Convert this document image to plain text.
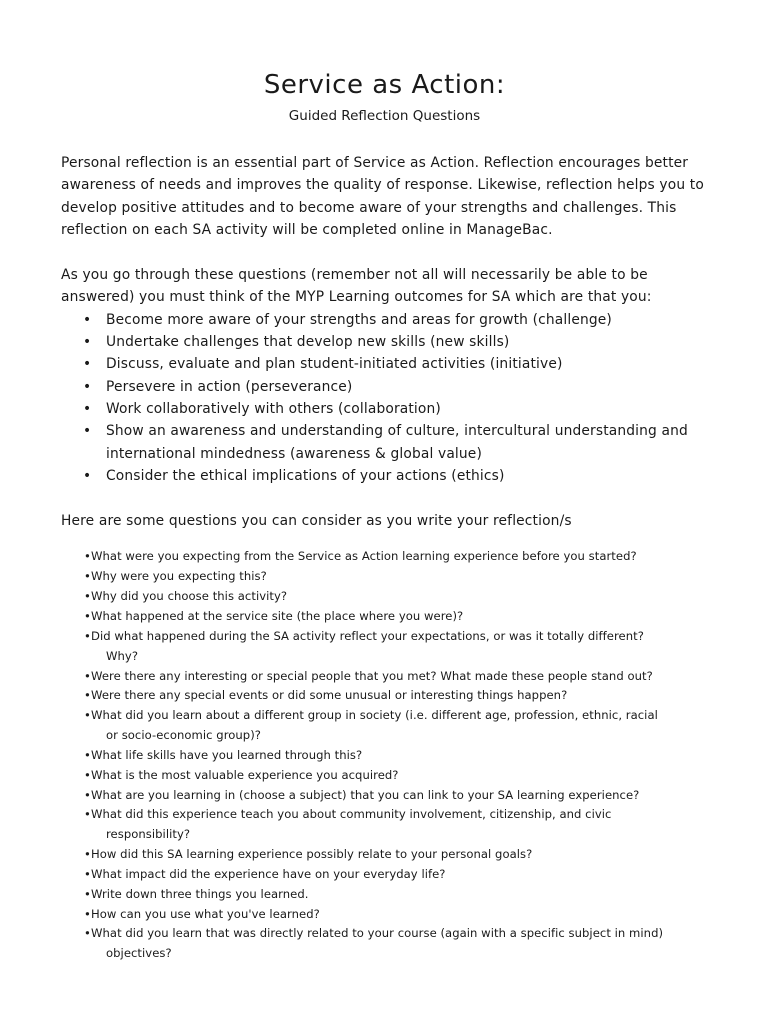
Service as Action:

Guided Reflection Questions

Personal reflection is an essential part of Service as Action. Reflection encourages better awareness of needs and improves the quality of response. Likewise, reflection helps you to develop positive attitudes and to become aware of your strengths and challenges. This reflection on each SA activity will be completed online in ManageBac.

As you go through these questions (remember not all will necessarily be able to be answered) you must think of the MYP Learning outcomes for SA which are that you:

• Become more aware of your strengths and areas for growth (challenge)
• Undertake challenges that develop new skills (new skills)
• Discuss, evaluate and plan student-initiated activities (initiative)
• Persevere in action (perseverance)
• Work collaboratively with others (collaboration)
• Show an awareness and understanding of culture, intercultural understanding and international mindedness (awareness & global value)
• Consider the ethical implications of your actions (ethics)

Here are some questions you can consider as you write your reflection/s

• What were you expecting from the Service as Action learning experience before you started?
• Why were you expecting this?
• Why did you choose this activity?
• What happened at the service site (the place where you were)?
• Did what happened during the SA activity reflect your expectations, or was it totally different?
Why?
• Were there any interesting or special people that you met? What made these people stand out?
• Were there any special events or did some unusual or interesting things happen?
• What did you learn about a different group in society (i.e. different age, profession, ethnic, racial
or socio-economic group)?
• What life skills have you learned through this?
• What is the most valuable experience you acquired?
• What are you learning in (choose a subject) that you can link to your SA learning experience?
• What did this experience teach you about community involvement, citizenship, and civic
responsibility?
• How did this SA learning experience possibly relate to your personal goals?
• What impact did the experience have on your everyday life?
• Write down three things you learned.
• How can you use what you've learned?
• What did you learn that was directly related to your course (again with a specific subject in mind)
objectives?
